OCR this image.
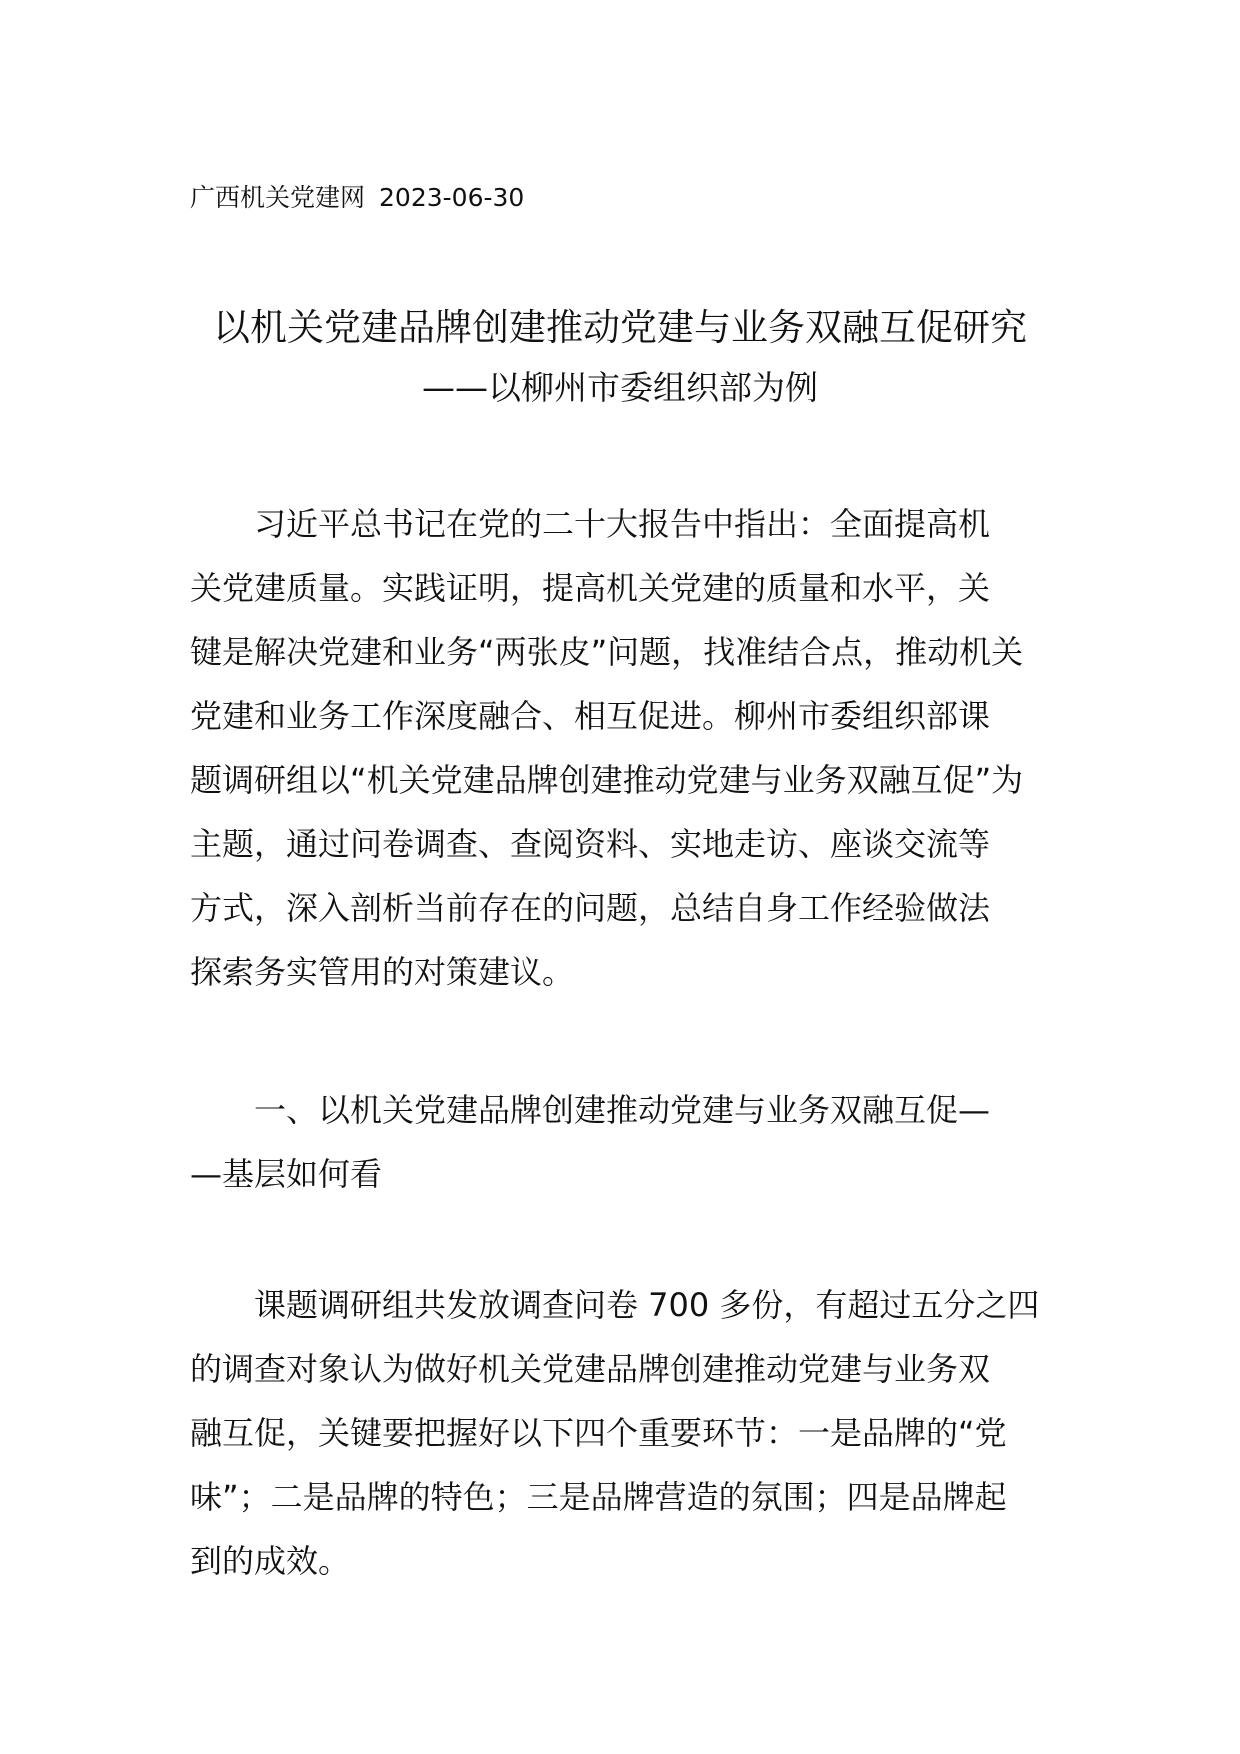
广西机关党建网 2023-06-30
以机关党建品牌创建推动党建与业务双融互促研究
——以柳州市委组织部为例

　　习近平总书记在党的二十大报告中指出：全面提高机
关党建质量。实践证明，提高机关党建的质量和水平，关
键是解决党建和业务“两张皮”问题，找准结合点，推动机关
党建和业务工作深度融合、相互促进。柳州市委组织部课
题调研组以“机关党建品牌创建推动党建与业务双融互促”为
主题，通过问卷调查、查阅资料、实地走访、座谈交流等
方式，深入剖析当前存在的问题，总结自身工作经验做法
探索务实管用的对策建议。

　　一、以机关党建品牌创建推动党建与业务双融互促—
—基层如何看

　　课题调研组共发放调查问卷 700 多份，有超过五分之四
的调查对象认为做好机关党建品牌创建推动党建与业务双
融互促，关键要把握好以下四个重要环节：一是品牌的“党
味”；二是品牌的特色；三是品牌营造的氛围；四是品牌起
到的成效。
